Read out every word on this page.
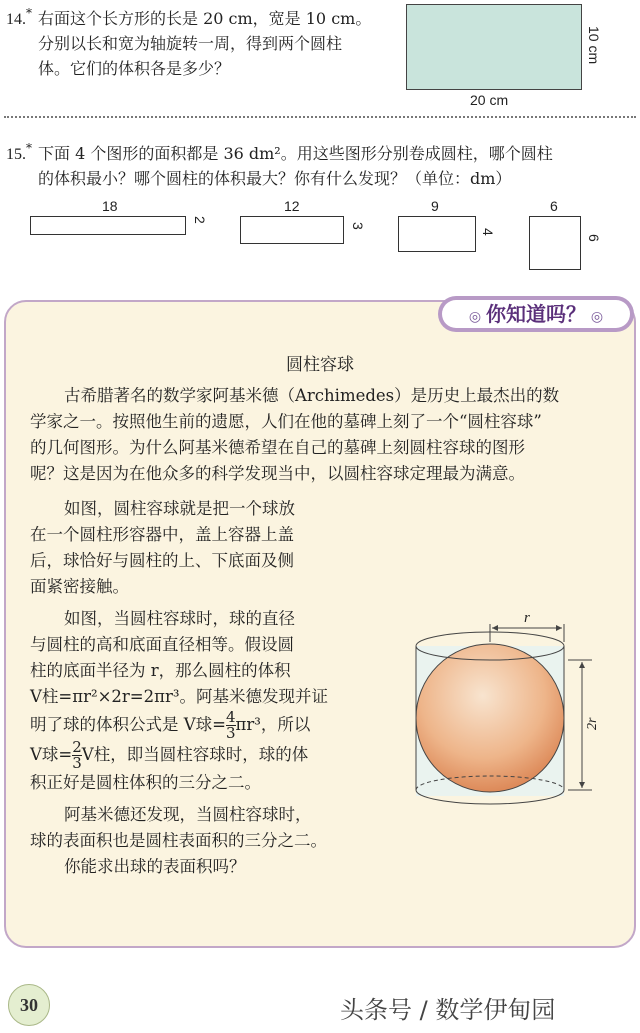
14.* 右面这个长方形的长是 20 cm，宽是 10 cm。
分别以长和宽为轴旋转一周，得到两个圆柱
体。它们的体积各是多少？
10 cm
20 cm
15.* 下面 4 个图形的面积都是 36 dm²。用这些图形分别卷成圆柱，哪个圆柱
的体积最小？哪个圆柱的体积最大？你有什么发现？（单位：dm）
18
2
12
3
9
4
6
6
◎ 你知道吗？ ◎
圆柱容球
古希腊著名的数学家阿基米德（Archimedes）是历史上最杰出的数
学家之一。按照他生前的遗愿，人们在他的墓碑上刻了一个“圆柱容球”
的几何图形。为什么阿基米德希望在自己的墓碑上刻圆柱容球的图形
呢？这是因为在他众多的科学发现当中，以圆柱容球定理最为满意。
如图，圆柱容球就是把一个球放
在一个圆柱形容器中，盖上容器上盖
后，球恰好与圆柱的上、下底面及侧
面紧密接触。
如图，当圆柱容球时，球的直径
与圆柱的高和底面直径相等。假设圆
柱的底面半径为 r，那么圆柱的体积
V柱=πr²×2r=2πr³。阿基米德发现并证
明了球的体积公式是 V球= $\frac{4}{3} \pi r^3$，所以
V球= $\frac{2}{3}$ V柱，即当圆柱容球时，球的体
积正好是圆柱体积的三分之二。
阿基米德还发现，当圆柱容球时，
球的表面积也是圆柱表面积的三分之二。
你能求出球的表面积吗？
r
2r
30	头条号 / 数学伊甸园
